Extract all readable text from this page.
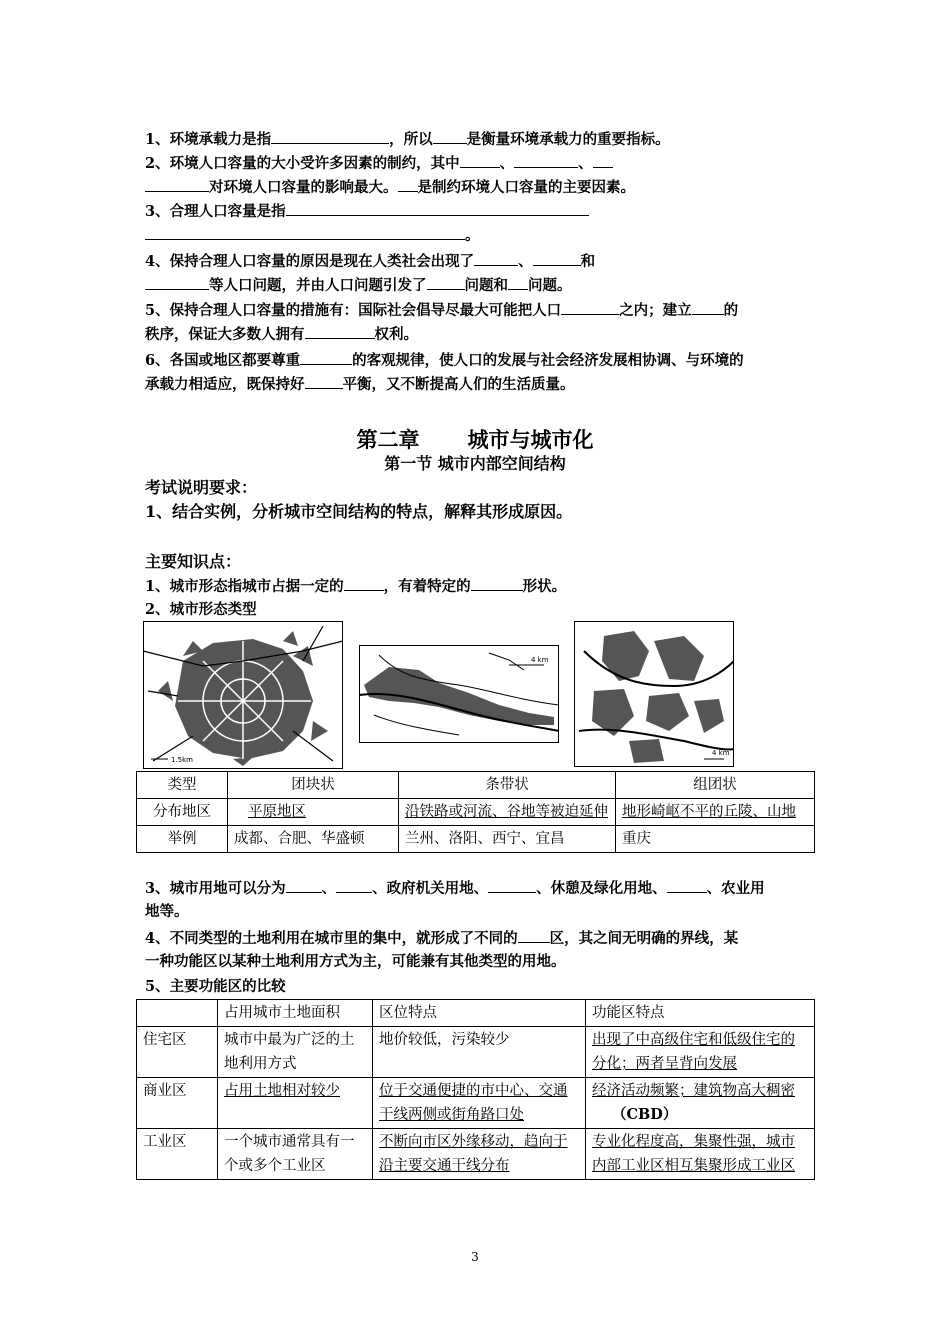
1、环境承载力是指	，所以 是衡量环境承载力的重要指标。
2、环境人口容量的大小受许多因素的制约，其中	、	、
对环境人口容量的影响最大。 是制约环境人口容量的主要因素。
3、合理人口容量是指
。
4、保持合理人口容量的原因是现在人类社会出现了	、	和
等人口问题，并由人口问题引发了	问题和 问题。
5、保持合理人口容量的措施有：国际社会倡导尽最大可能把人口	之内；建立 的
秩序，保证大多数人拥有	权利。
6、各国或地区都要尊重	的客观规律，使人口的发展与社会经济发展相协调、与环境的
承载力相适应，既保持好	平衡，又不断提高人们的生活质量。
第二章 城市与城市化
第一节 城市内部空间结构
考试说明要求：
1、结合实例，分析城市空间结构的特点，解释其形成原因。
主要知识点：
1、城市形态指城市占据一定的	，有着特定的	形状。
2、城市形态类型
1.5km
4 km
4 km
类型	团块状	条带状	组团状
分布地区	平原地区	沿铁路或河流、谷地等被迫延伸	地形崎岖不平的丘陵、山地
举例	成都、合肥、华盛顿	兰州、洛阳、西宁、宜昌	重庆
3、城市用地可以分为 、 、政府机关用地、	、休憩及绿化用地、	、农业用
地等。
4、不同类型的土地利用在城市里的集中，就形成了不同的 区，其之间无明确的界线，某
一种功能区以某种土地利用方式为主，可能兼有其他类型的用地。
5、主要功能区的比较
	占用城市土地面积	区位特点	功能区特点
住宅区	城市中最为广泛的土地利用方式	地价较低，污染较少	出现了中高级住宅和低级住宅的分化；两者呈背向发展
商业区	占用土地相对较少	位于交通便捷的市中心、交通干线两侧或街角路口处	经济活动频繁；建筑物高大稠密（CBD）
工业区	一个城市通常具有一个或多个工业区	不断向市区外缘移动，趋向于沿主要交通干线分布	专业化程度高，集聚性强，城市内部工业区相互集聚形成工业区
3
